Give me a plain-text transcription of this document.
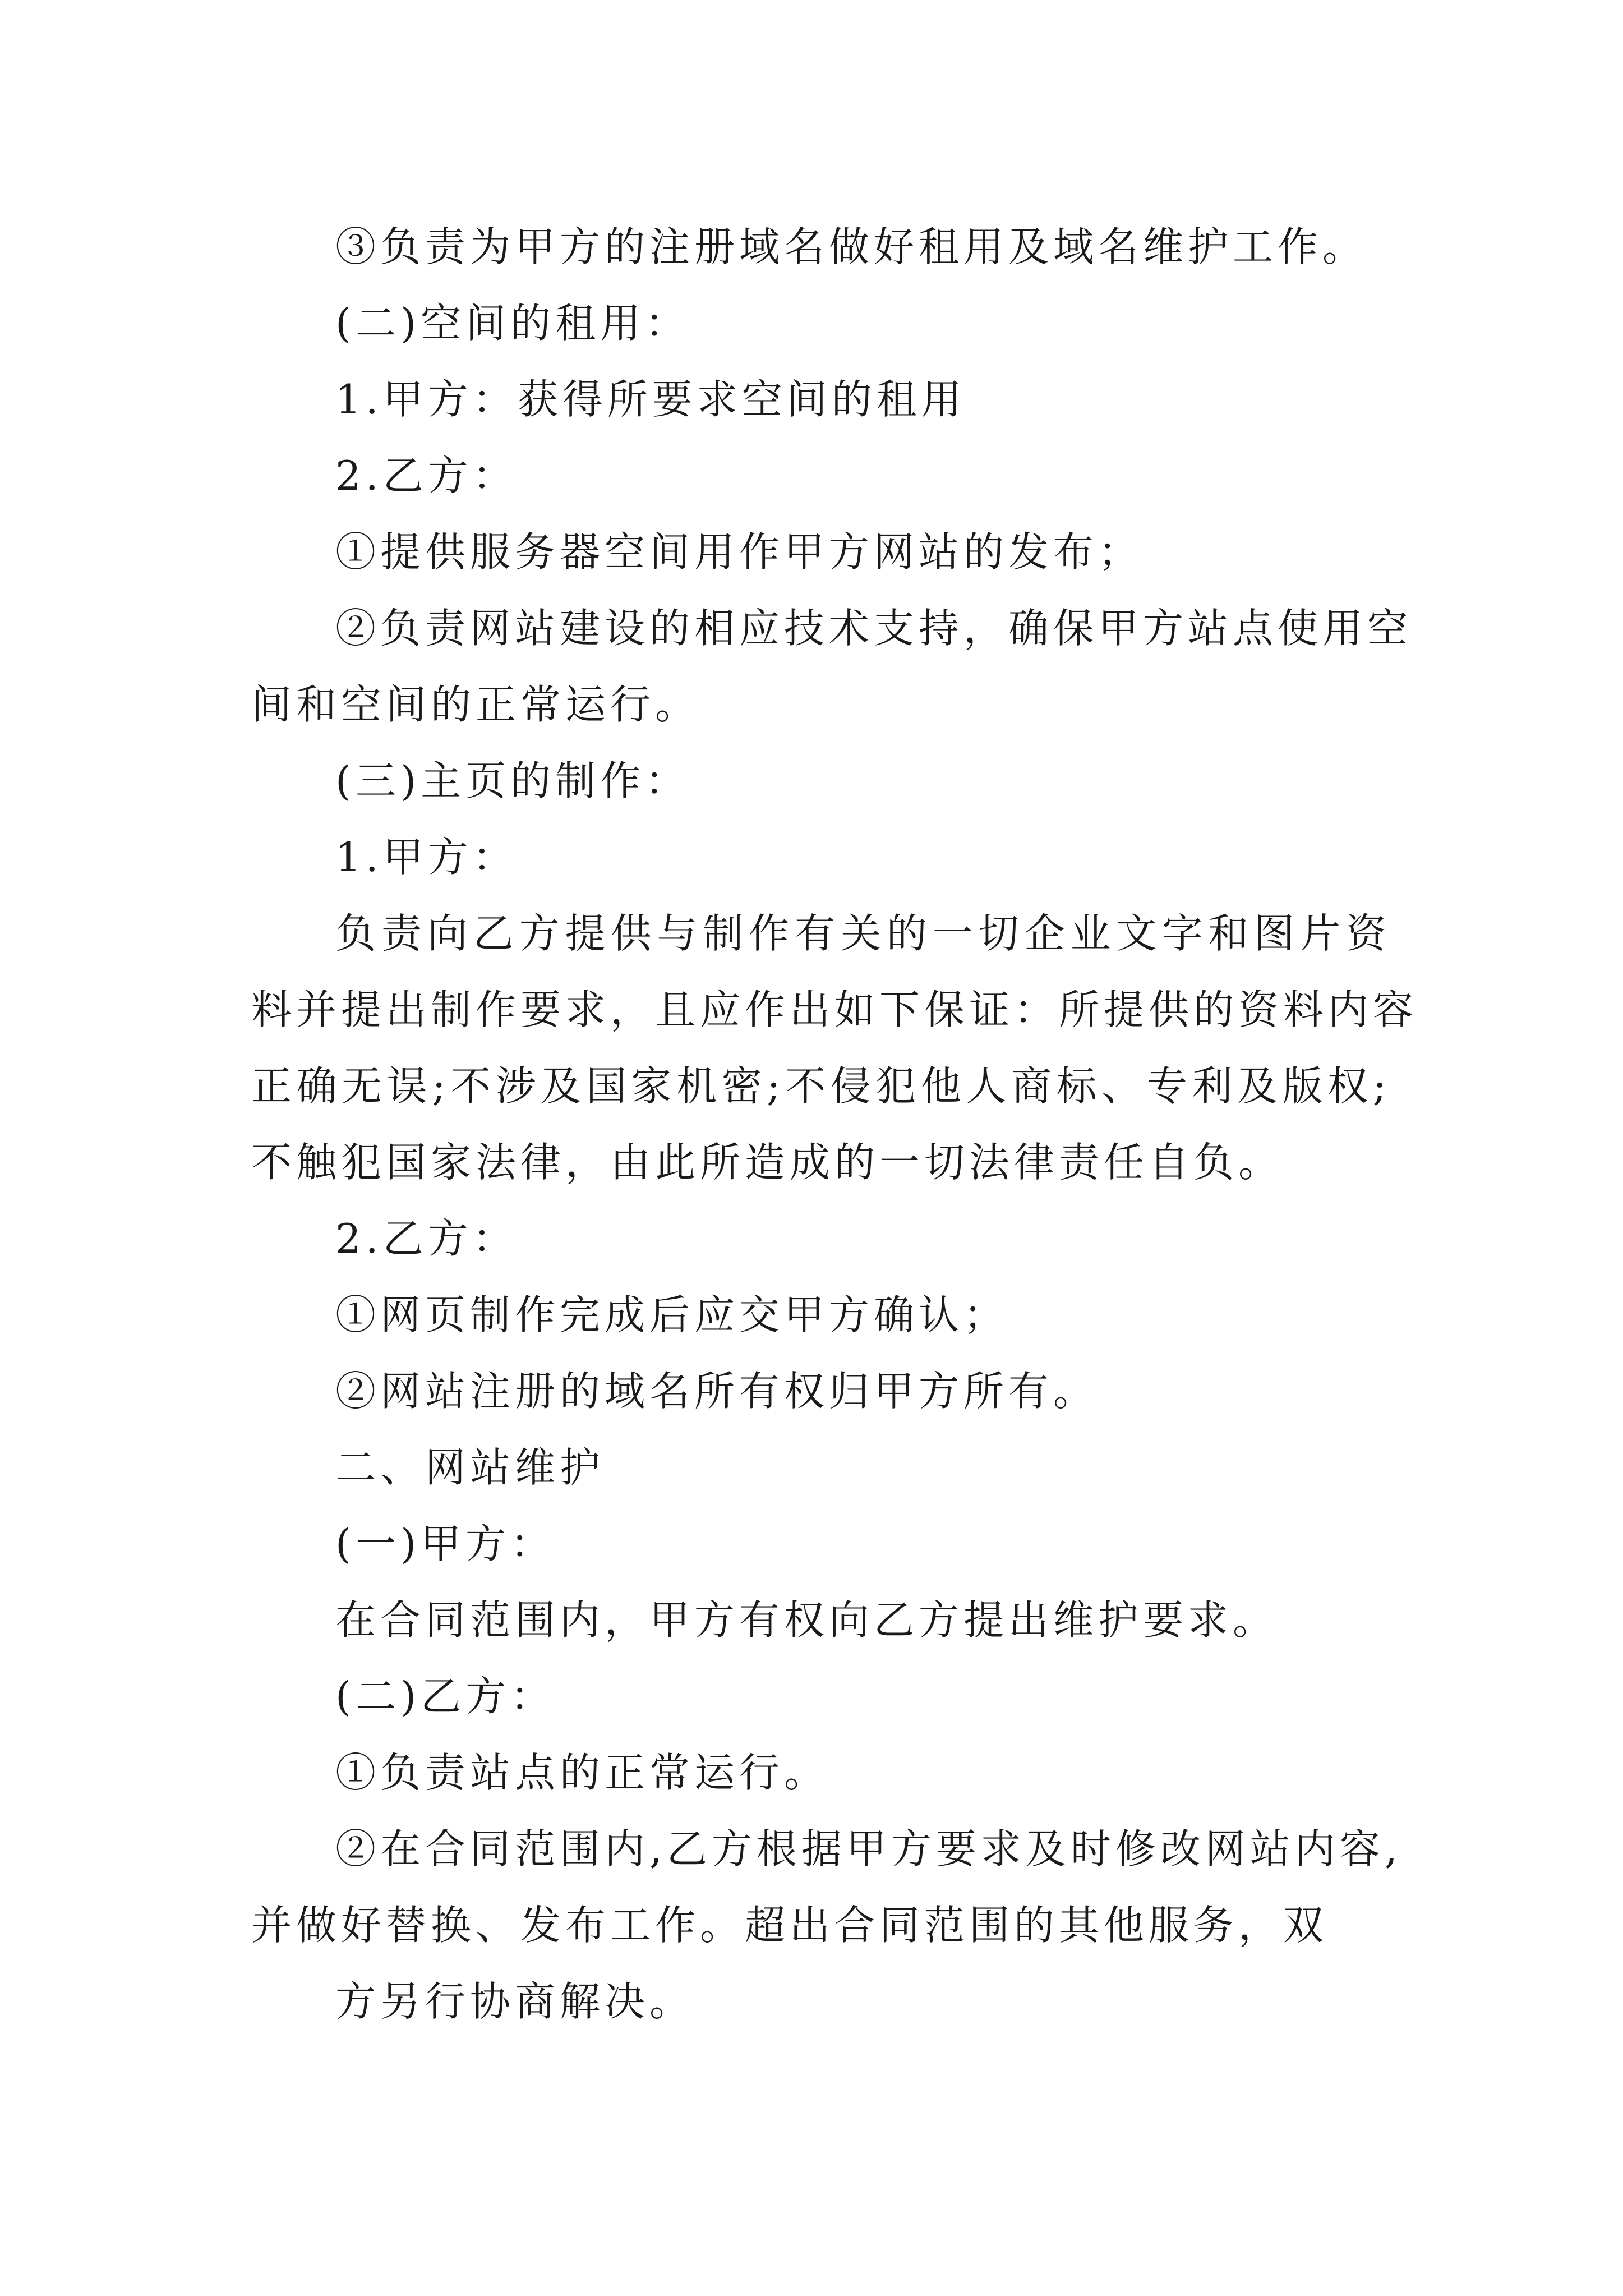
③负责为甲方的注册域名做好租用及域名维护工作。

(二)空间的租用：

1.甲方：获得所要求空间的租用

2.乙方：

①提供服务器空间用作甲方网站的发布；

②负责网站建设的相应技术支持，确保甲方站点使用空

间和空间的正常运行。

(三)主页的制作：

1.甲方：

负责向乙方提供与制作有关的一切企业文字和图片资

料并提出制作要求，且应作出如下保证：所提供的资料内容

正确无误;不涉及国家机密;不侵犯他人商标、专利及版权;

不触犯国家法律，由此所造成的一切法律责任自负。

2.乙方：

①网页制作完成后应交甲方确认；

②网站注册的域名所有权归甲方所有。

二、网站维护

(一)甲方：

在合同范围内，甲方有权向乙方提出维护要求。

(二)乙方：

①负责站点的正常运行。

②在合同范围内,乙方根据甲方要求及时修改网站内容,

并做好替换、发布工作。超出合同范围的其他服务，双

方另行协商解决。
